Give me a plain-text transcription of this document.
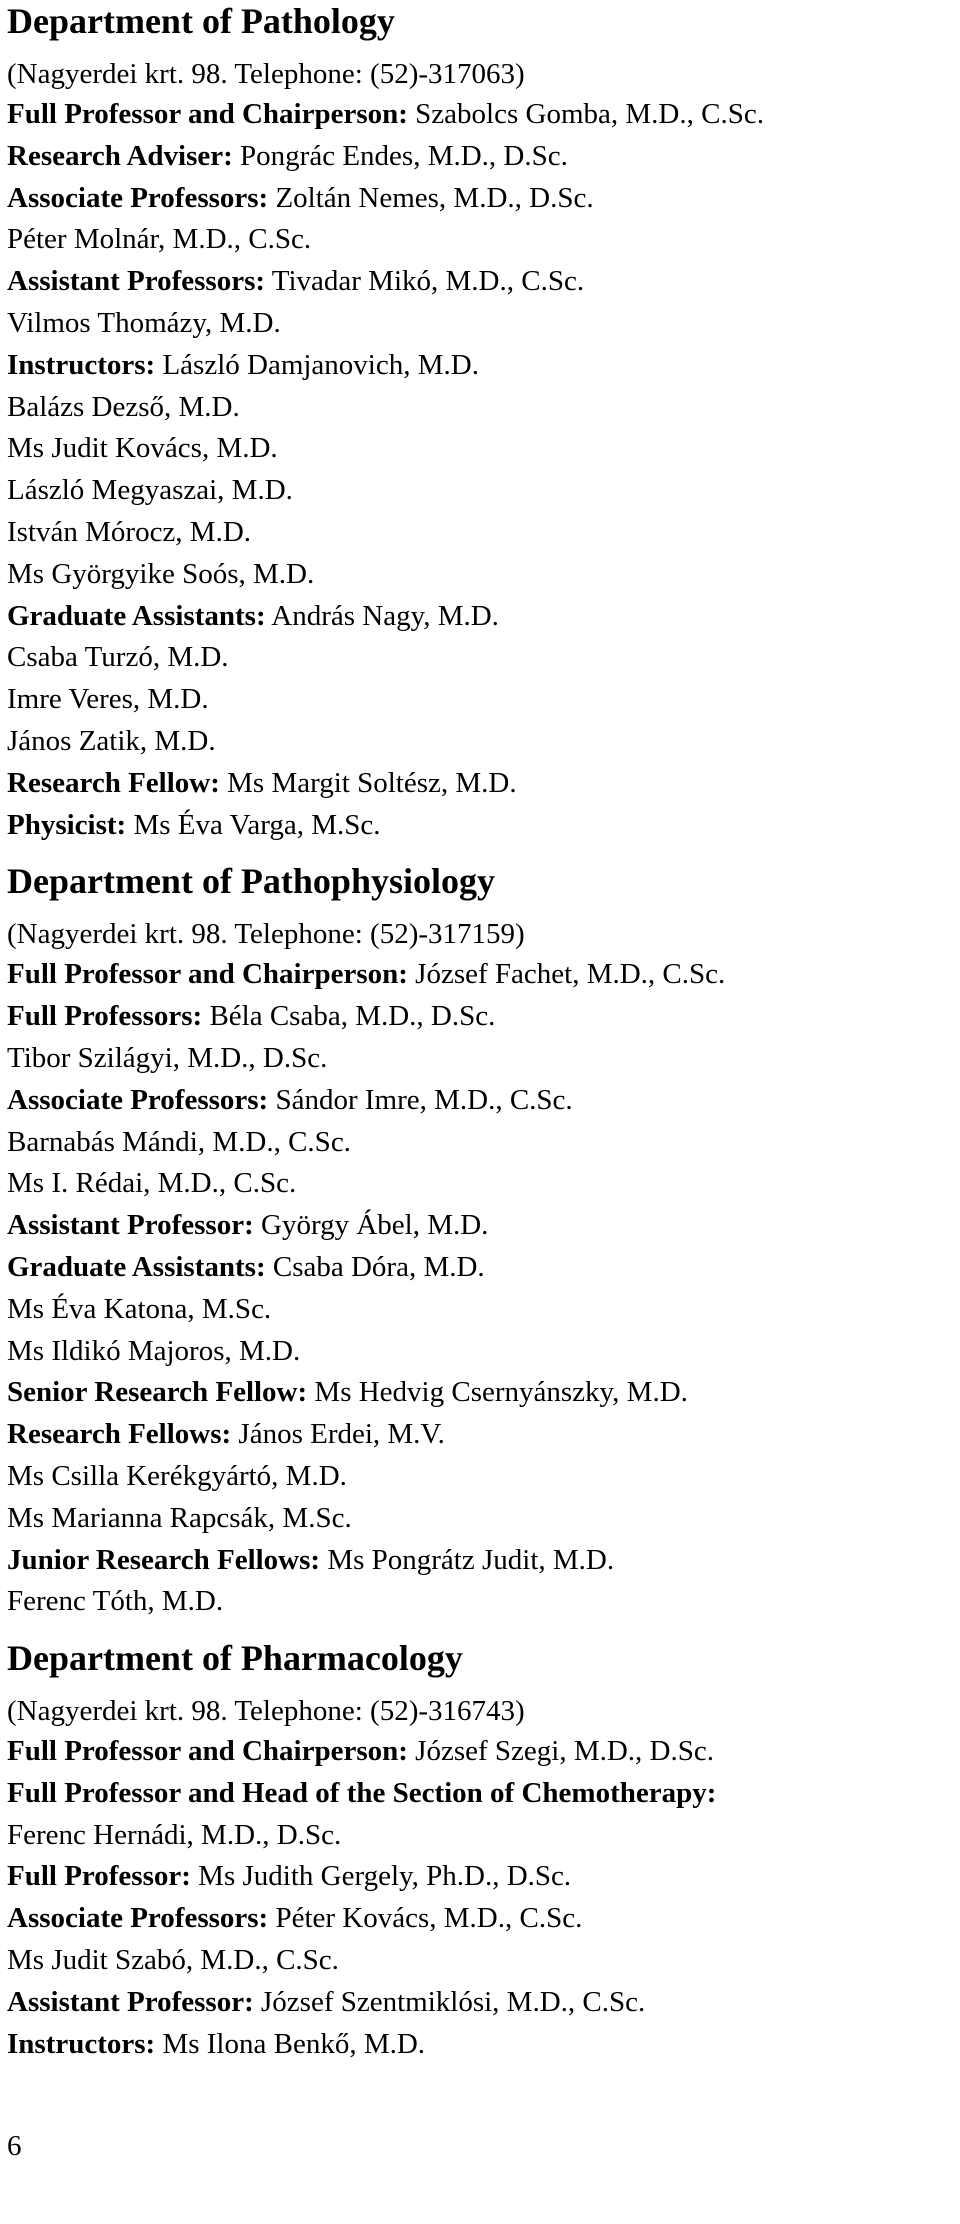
Department of Pathology
(Nagyerdei krt. 98. Telephone: (52)-317063)
Full Professor and Chairperson: Szabolcs Gomba, M.D., C.Sc.
Research Adviser: Pongrác Endes, M.D., D.Sc.
Associate Professors: Zoltán Nemes, M.D., D.Sc.
Péter Molnár, M.D., C.Sc.
Assistant Professors: Tivadar Mikó, M.D., C.Sc.
Vilmos Thomázy, M.D.
Instructors: László Damjanovich, M.D.
Balázs Dezső, M.D.
Ms Judit Kovács, M.D.
László Megyaszai, M.D.
István Mórocz, M.D.
Ms Györgyike Soós, M.D.
Graduate Assistants: András Nagy, M.D.
Csaba Turzó, M.D.
Imre Veres, M.D.
János Zatik, M.D.
Research Fellow: Ms Margit Soltész, M.D.
Physicist: Ms Éva Varga, M.Sc.
Department of Pathophysiology
(Nagyerdei krt. 98. Telephone: (52)-317159)
Full Professor and Chairperson: József Fachet, M.D., C.Sc.
Full Professors: Béla Csaba, M.D., D.Sc.
Tibor Szilágyi, M.D., D.Sc.
Associate Professors: Sándor Imre, M.D., C.Sc.
Barnabás Mándi, M.D., C.Sc.
Ms I. Rédai, M.D., C.Sc.
Assistant Professor: György Ábel, M.D.
Graduate Assistants: Csaba Dóra, M.D.
Ms Éva Katona, M.Sc.
Ms Ildikó Majoros, M.D.
Senior Research Fellow: Ms Hedvig Csernyánszky, M.D.
Research Fellows: János Erdei, M.V.
Ms Csilla Kerékgyártó, M.D.
Ms Marianna Rapcsák, M.Sc.
Junior Research Fellows: Ms Pongrátz Judit, M.D.
Ferenc Tóth, M.D.
Department of Pharmacology
(Nagyerdei krt. 98. Telephone: (52)-316743)
Full Professor and Chairperson: József Szegi, M.D., D.Sc.
Full Professor and Head of the Section of Chemotherapy:
Ferenc Hernádi, M.D., D.Sc.
Full Professor: Ms Judith Gergely, Ph.D., D.Sc.
Associate Professors: Péter Kovács, M.D., C.Sc.
Ms Judit Szabó, M.D., C.Sc.
Assistant Professor: József Szentmiklósi, M.D., C.Sc.
Instructors: Ms Ilona Benkő, M.D.
6
